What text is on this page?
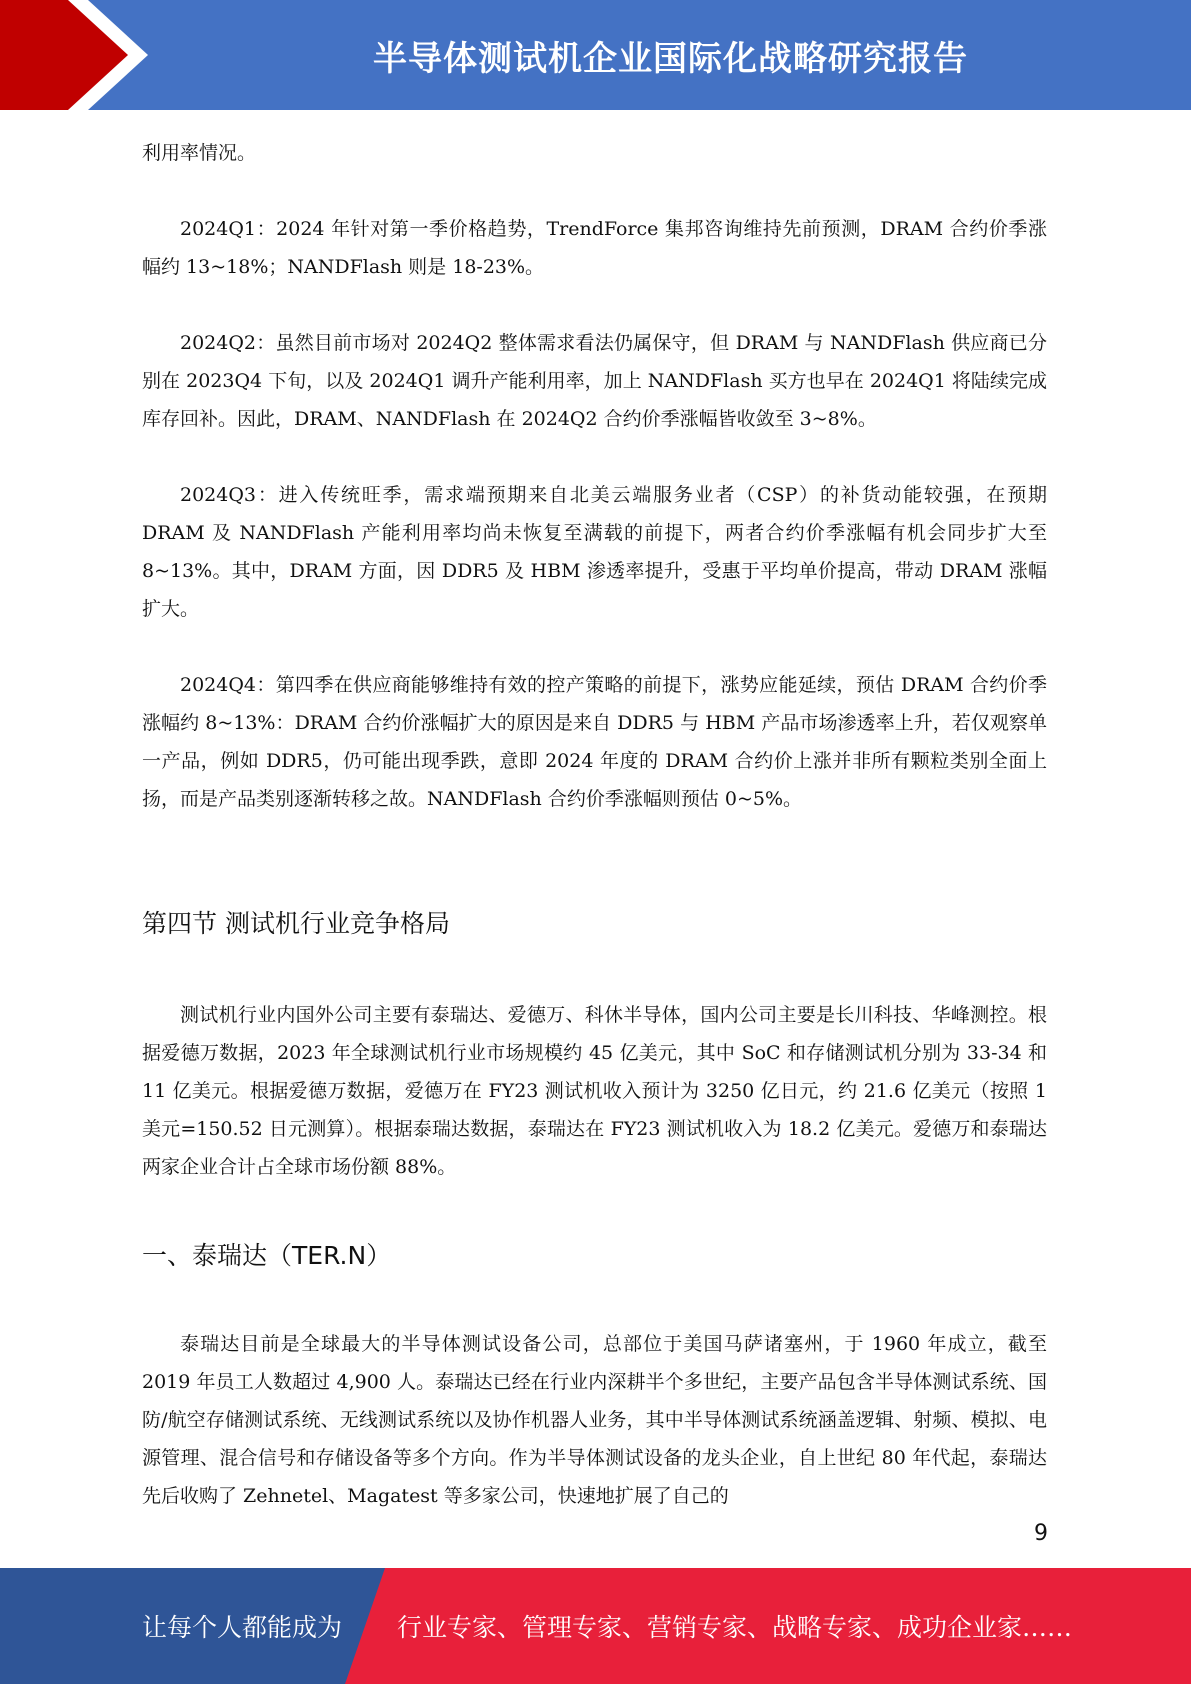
半导体测试机企业国际化战略研究报告

利用率情况。

2024Q1：2024 年针对第一季价格趋势，TrendForce 集邦咨询维持先前预测，DRAM 合约价季涨幅约 13~18%；NANDFlash 则是 18-23%。

2024Q2：虽然目前市场对 2024Q2 整体需求看法仍属保守，但 DRAM 与 NANDFlash 供应商已分别在 2023Q4 下旬，以及 2024Q1 调升产能利用率，加上 NANDFlash 买方也早在 2024Q1 将陆续完成库存回补。因此，DRAM、NANDFlash 在 2024Q2 合约价季涨幅皆收敛至 3~8%。

2024Q3：进入传统旺季，需求端预期来自北美云端服务业者（CSP）的补货动能较强，在预期 DRAM 及 NANDFlash 产能利用率均尚未恢复至满载的前提下，两者合约价季涨幅有机会同步扩大至 8~13%。其中，DRAM 方面，因 DDR5 及 HBM 渗透率提升，受惠于平均单价提高，带动 DRAM 涨幅扩大。

2024Q4：第四季在供应商能够维持有效的控产策略的前提下，涨势应能延续，预估 DRAM 合约价季涨幅约 8~13%：DRAM 合约价涨幅扩大的原因是来自 DDR5 与 HBM 产品市场渗透率上升，若仅观察单一产品，例如 DDR5，仍可能出现季跌，意即 2024 年度的 DRAM 合约价上涨并非所有颗粒类别全面上扬，而是产品类别逐渐转移之故。NANDFlash 合约价季涨幅则预估 0~5%。

第四节 测试机行业竞争格局

测试机行业内国外公司主要有泰瑞达、爱德万、科休半导体，国内公司主要是长川科技、华峰测控。根据爱德万数据，2023 年全球测试机行业市场规模约 45 亿美元，其中 SoC 和存储测试机分别为 33-34 和 11 亿美元。根据爱德万数据，爱德万在 FY23 测试机收入预计为 3250 亿日元，约 21.6 亿美元（按照 1 美元=150.52 日元测算）。根据泰瑞达数据，泰瑞达在 FY23 测试机收入为 18.2 亿美元。爱德万和泰瑞达两家企业合计占全球市场份额 88%。

一、泰瑞达（TER.N）

泰瑞达目前是全球最大的半导体测试设备公司，总部位于美国马萨诸塞州，于 1960 年成立，截至 2019 年员工人数超过 4,900 人。泰瑞达已经在行业内深耕半个多世纪，主要产品包含半导体测试系统、国防/航空存储测试系统、无线测试系统以及协作机器人业务，其中半导体测试系统涵盖逻辑、射频、模拟、电源管理、混合信号和存储设备等多个方向。作为半导体测试设备的龙头企业，自上世纪 80 年代起，泰瑞达先后收购了 Zehnetel、Magatest 等多家公司，快速地扩展了自己的

9
让每个人都能成为 行业专家、管理专家、营销专家、战略专家、成功企业家……
